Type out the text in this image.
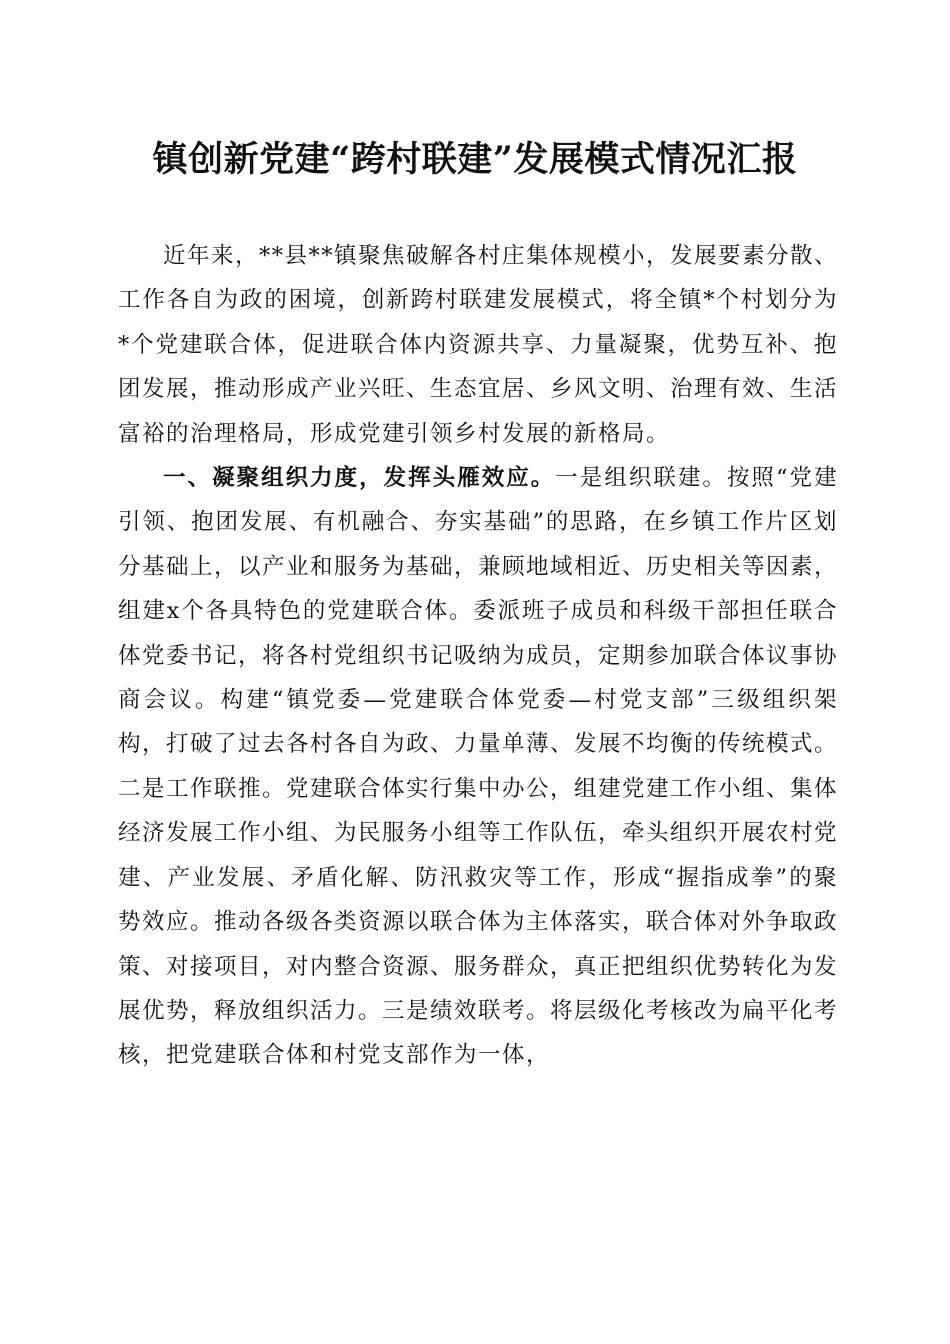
镇创新党建“跨村联建”发展模式情况汇报

近年来，**县**镇聚焦破解各村庄集体规模小，发展要素分散、工作各自为政的困境，创新跨村联建发展模式，将全镇*个村划分为*个党建联合体，促进联合体内资源共享、力量凝聚，优势互补、抱团发展，推动形成产业兴旺、生态宜居、乡风文明、治理有效、生活富裕的治理格局，形成党建引领乡村发展的新格局。

一、凝聚组织力度，发挥头雁效应。一是组织联建。按照“党建引领、抱团发展、有机融合、夯实基础”的思路，在乡镇工作片区划分基础上，以产业和服务为基础，兼顾地域相近、历史相关等因素，组建x个各具特色的党建联合体。委派班子成员和科级干部担任联合体党委书记，将各村党组织书记吸纳为成员，定期参加联合体议事协商会议。构建“镇党委—党建联合体党委—村党支部”三级组织架构，打破了过去各村各自为政、力量单薄、发展不均衡的传统模式。二是工作联推。党建联合体实行集中办公，组建党建工作小组、集体经济发展工作小组、为民服务小组等工作队伍，牵头组织开展农村党建、产业发展、矛盾化解、防汛救灾等工作，形成“握指成拳”的聚势效应。推动各级各类资源以联合体为主体落实，联合体对外争取政策、对接项目，对内整合资源、服务群众，真正把组织优势转化为发展优势，释放组织活力。三是绩效联考。将层级化考核改为扁平化考核，把党建联合体和村党支部作为一体，
